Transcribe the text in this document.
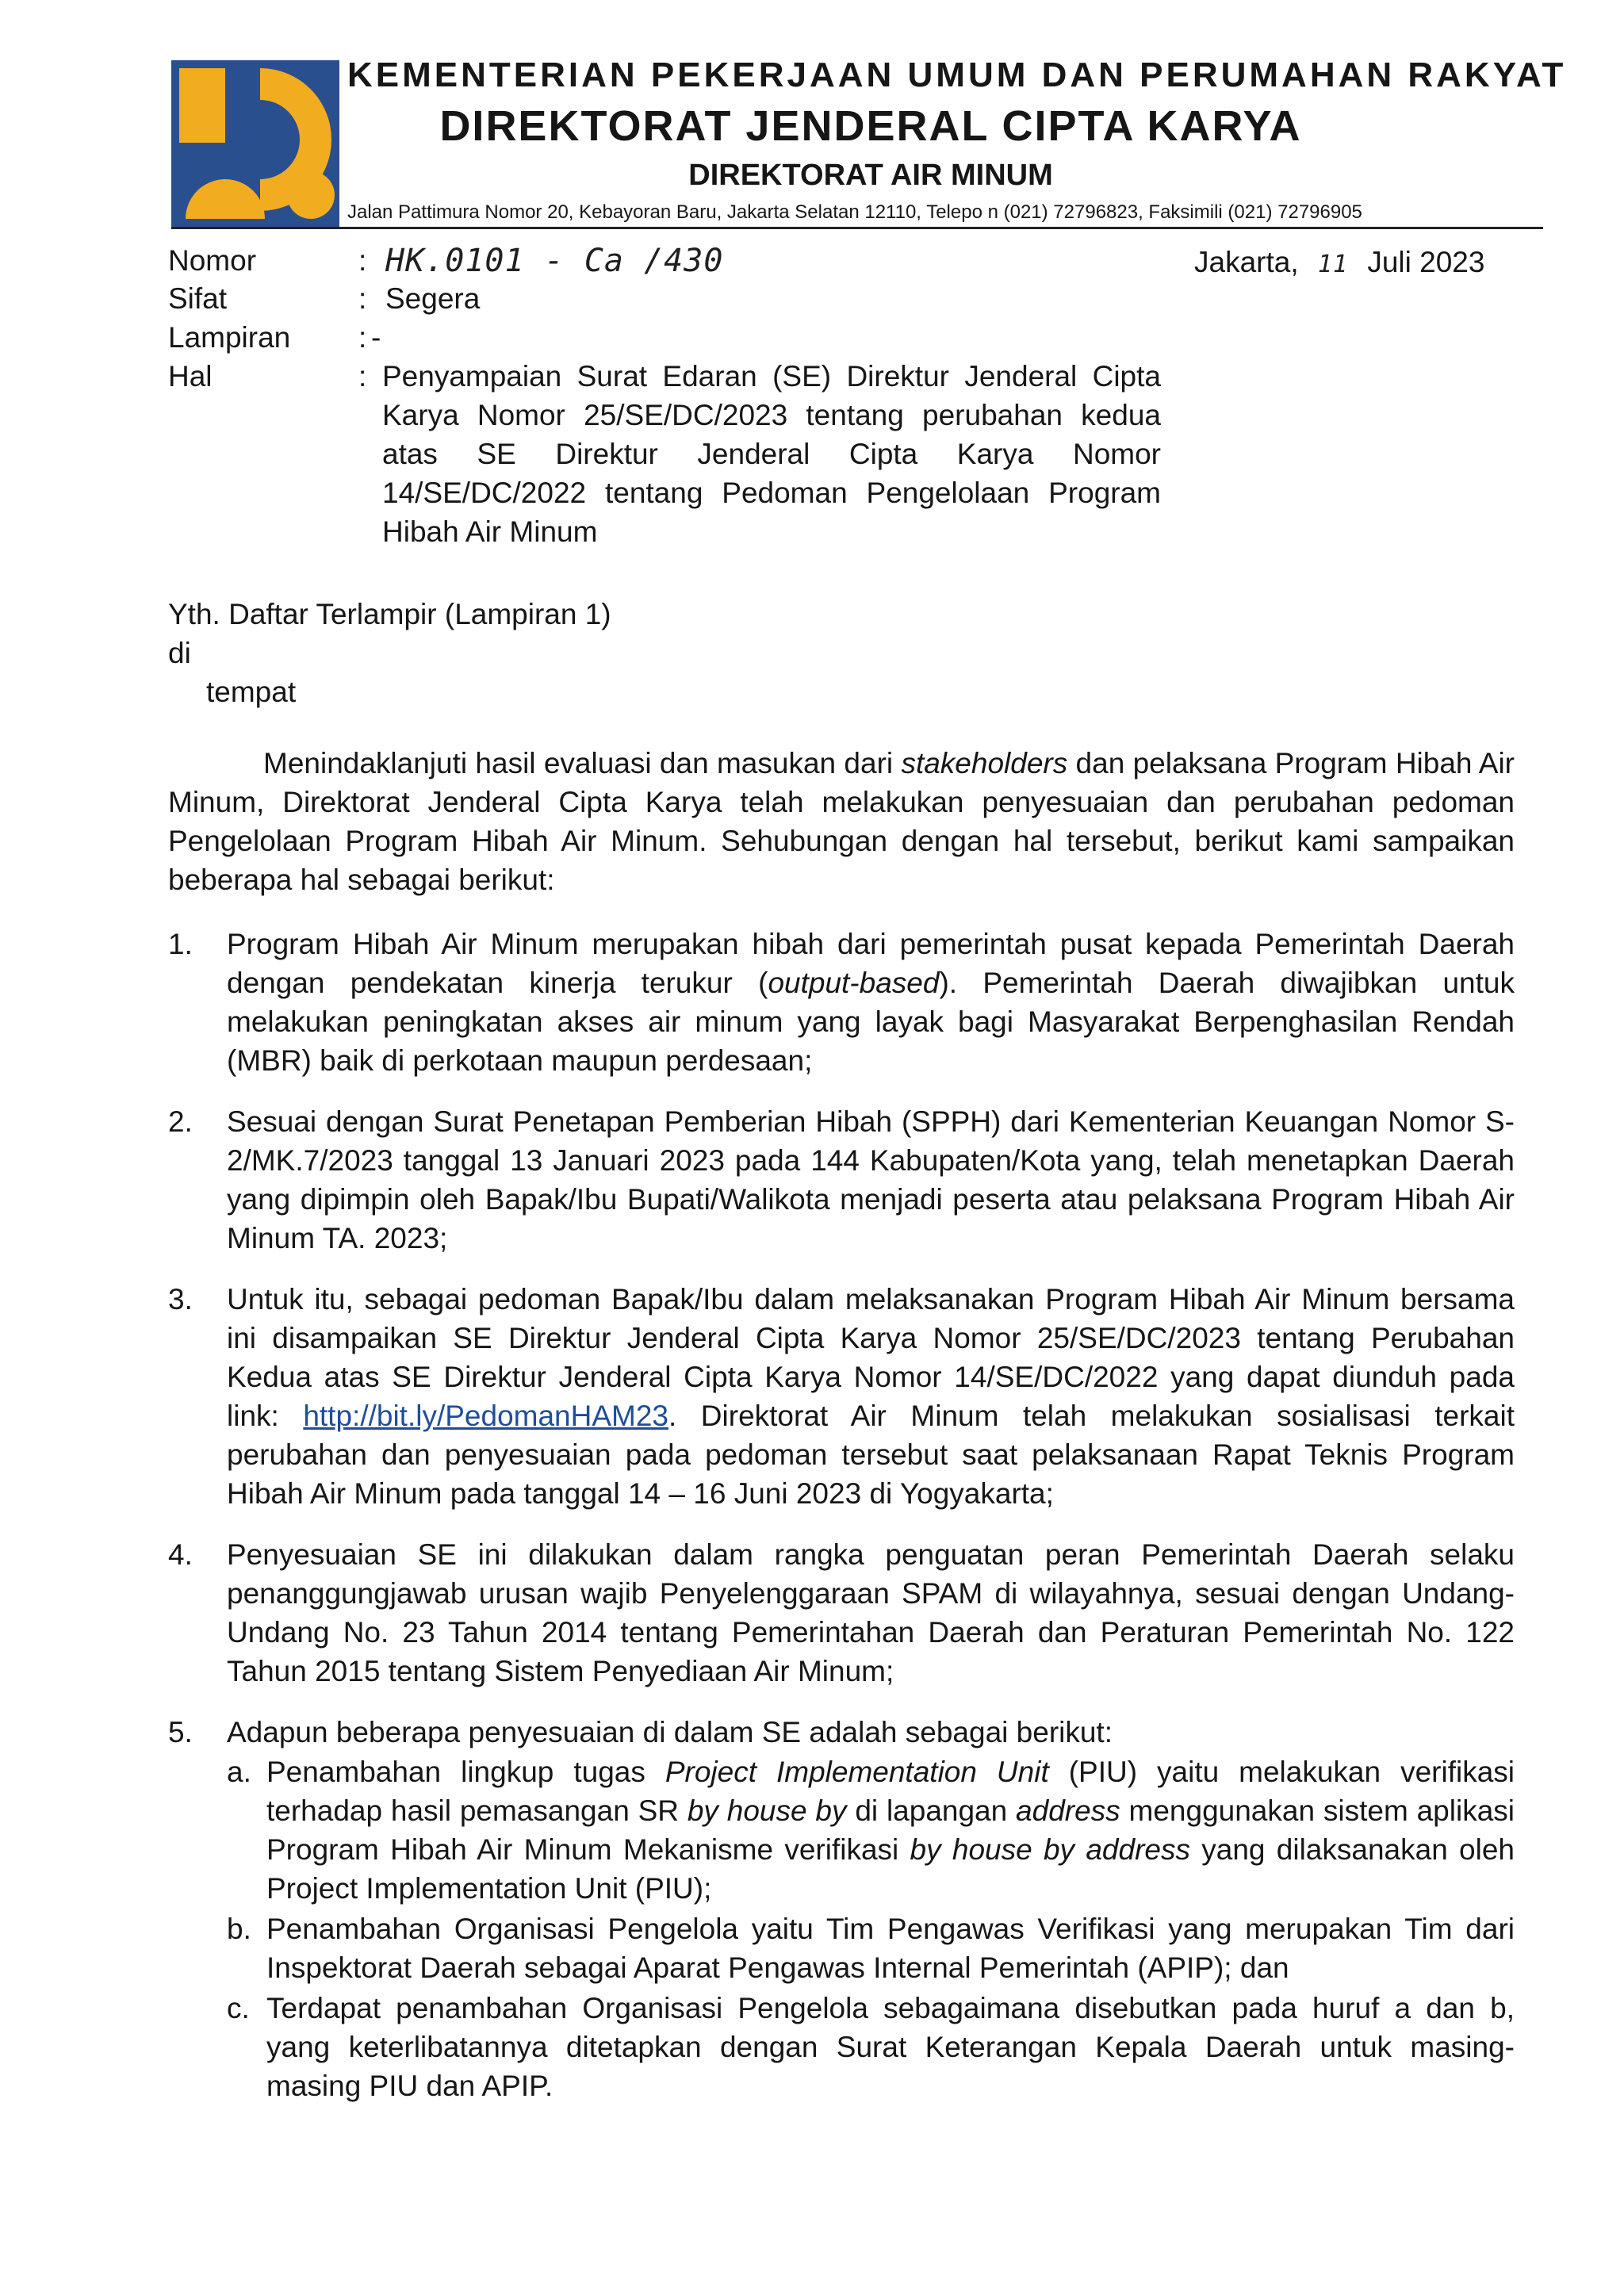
KEMENTERIAN PEKERJAAN UMUM DAN PERUMAHAN RAKYAT
DIREKTORAT JENDERAL CIPTA KARYA
DIREKTORAT AIR MINUM
Jalan Pattimura Nomor 20, Kebayoran Baru, Jakarta Selatan 12110, Telepo n (021) 72796823, Faksimili (021) 72796905
Nomor	: HK.0101 - Ca /430	Jakarta, 11 Juli 2023
Sifat	: Segera
Lampiran : -
Hal	: Penyampaian Surat Edaran (SE) Direktur Jenderal Cipta Karya Nomor 25/SE/DC/2023 tentang perubahan kedua atas SE Direktur Jenderal Cipta Karya Nomor 14/SE/DC/2022 tentang Pedoman Pengelolaan Program Hibah Air Minum
Yth. Daftar Terlampir (Lampiran 1)
di
tempat
Menindaklanjuti hasil evaluasi dan masukan dari stakeholders dan pelaksana Program Hibah Air Minum, Direktorat Jenderal Cipta Karya telah melakukan penyesuaian dan perubahan pedoman Pengelolaan Program Hibah Air Minum. Sehubungan dengan hal tersebut, berikut kami sampaikan beberapa hal sebagai berikut:
1. Program Hibah Air Minum merupakan hibah dari pemerintah pusat kepada Pemerintah Daerah dengan pendekatan kinerja terukur (output-based). Pemerintah Daerah diwajibkan untuk melakukan peningkatan akses air minum yang layak bagi Masyarakat Berpenghasilan Rendah (MBR) baik di perkotaan maupun perdesaan;
2. Sesuai dengan Surat Penetapan Pemberian Hibah (SPPH) dari Kementerian Keuangan Nomor S-2/MK.7/2023 tanggal 13 Januari 2023 pada 144 Kabupaten/Kota yang, telah menetapkan Daerah yang dipimpin oleh Bapak/Ibu Bupati/Walikota menjadi peserta atau pelaksana Program Hibah Air Minum TA. 2023;
3. Untuk itu, sebagai pedoman Bapak/Ibu dalam melaksanakan Program Hibah Air Minum bersama ini disampaikan SE Direktur Jenderal Cipta Karya Nomor 25/SE/DC/2023 tentang Perubahan Kedua atas SE Direktur Jenderal Cipta Karya Nomor 14/SE/DC/2022 yang dapat diunduh pada link: http://bit.ly/PedomanHAM23. Direktorat Air Minum telah melakukan sosialisasi terkait perubahan dan penyesuaian pada pedoman tersebut saat pelaksanaan Rapat Teknis Program Hibah Air Minum pada tanggal 14 – 16 Juni 2023 di Yogyakarta;
4. Penyesuaian SE ini dilakukan dalam rangka penguatan peran Pemerintah Daerah selaku penanggungjawab urusan wajib Penyelenggaraan SPAM di wilayahnya, sesuai dengan Undang-Undang No. 23 Tahun 2014 tentang Pemerintahan Daerah dan Peraturan Pemerintah No. 122 Tahun 2015 tentang Sistem Penyediaan Air Minum;
5. Adapun beberapa penyesuaian di dalam SE adalah sebagai berikut:
a. Penambahan lingkup tugas Project Implementation Unit (PIU) yaitu melakukan verifikasi terhadap hasil pemasangan SR by house by di lapangan address menggunakan sistem aplikasi Program Hibah Air Minum Mekanisme verifikasi by house by address yang dilaksanakan oleh Project Implementation Unit (PIU);
b. Penambahan Organisasi Pengelola yaitu Tim Pengawas Verifikasi yang merupakan Tim dari Inspektorat Daerah sebagai Aparat Pengawas Internal Pemerintah (APIP); dan
c. Terdapat penambahan Organisasi Pengelola sebagaimana disebutkan pada huruf a dan b, yang keterlibatannya ditetapkan dengan Surat Keterangan Kepala Daerah untuk masing-masing PIU dan APIP.
